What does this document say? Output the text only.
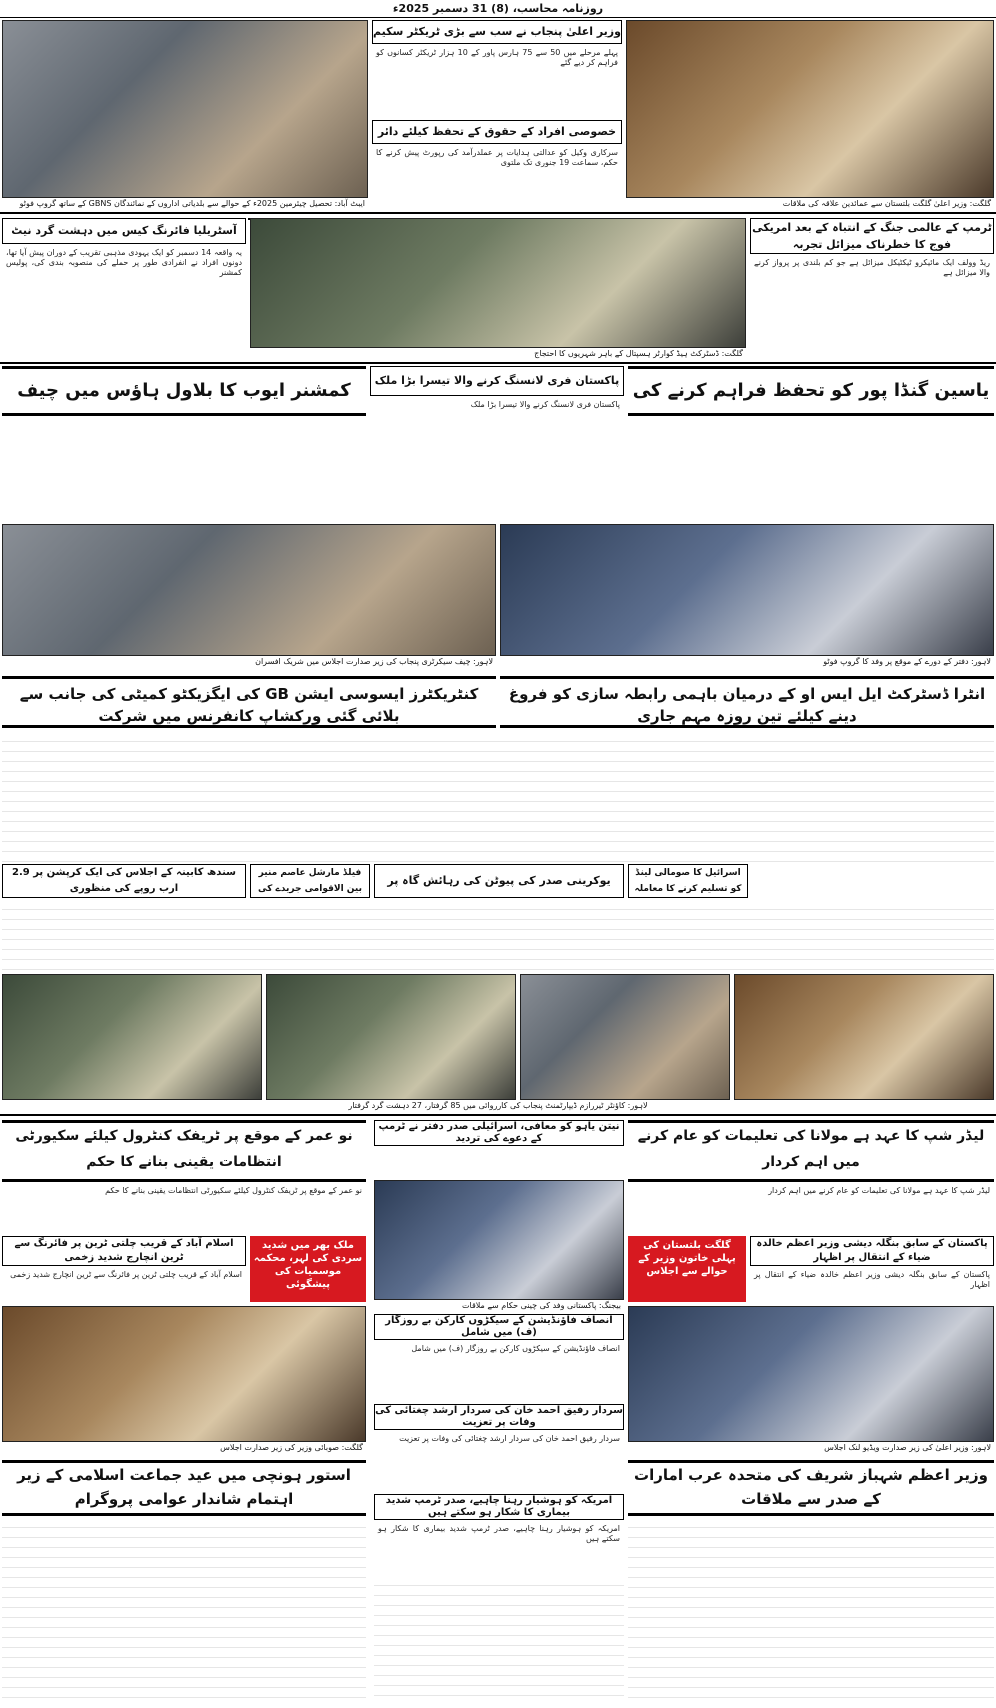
روزنامہ محاسب، (8) 31 دسمبر 2025ء
ایبٹ آباد: تحصیل چیئرمین 2025ء کے حوالے سے بلدیاتی اداروں کے نمائندگان GBNS کے ساتھ گروپ فوٹو
وزیر اعلیٰ پنجاب نے سب سے بڑی ٹریکٹر سکیم
پہلے مرحلے میں 50 سے 75 ہارس پاور کے 10 ہزار ٹریکٹر کسانوں کو فراہم کر دیے گئے
خصوصی افراد کے حقوق کے تحفظ کیلئے دائر
سرکاری وکیل کو عدالتی ہدایات پر عملدرآمد کی رپورٹ پیش کرنے کا حکم، سماعت 19 جنوری تک ملتوی
گلگت: وزیر اعلیٰ گلگت بلتستان سے عمائدین علاقہ کی ملاقات
آسٹریلیا فائرنگ کیس میں دہشت گرد نیٹ
یہ واقعہ 14 دسمبر کو ایک یہودی مذہبی تقریب کے دوران پیش آیا تھا، دونوں افراد نے انفرادی طور پر حملے کی منصوبہ بندی کی، پولیس کمشنر
گلگت: ڈسٹرکٹ ہیڈ کوارٹر ہسپتال کے باہر شہریوں کا احتجاج
ٹرمپ کے عالمی جنگ کے انتباہ کے بعد امریکی فوج کا خطرناک میزائل تجربہ
ریڈ وولف ایک مائیکرو ٹیکٹیکل میزائل ہے جو کم بلندی پر پرواز کرنے والا میزائل ہے
کمشنر ایوب کا بلاول ہاؤس میں چیف	پاکستان فری لانسنگ کرنے والا تیسرا بڑا ملک
پاکستان فری لانسنگ کرنے والا تیسرا بڑا ملک
یاسین گنڈا پور کو تحفظ فراہم کرنے کی
لاہور: چیف سیکرٹری پنجاب کی زیر صدارت اجلاس میں شریک افسران	لاہور: دفتر کے دورے کے موقع پر وفد کا گروپ فوٹو
کنٹریکٹرز ایسوسی ایشن GB کی ایگزیکٹو کمیٹی کی جانب سے بلائی گئی ورکشاپ کانفرنس میں شرکت
انٹرا ڈسٹرکٹ ایل ایس او کے درمیان باہمی رابطہ سازی کو فروغ دینے کیلئے تین روزہ مہم جاری
سندھ کابینہ کے اجلاس کی ایک کرپشن پر 2.9 ارب روپے کی منظوری
فیلڈ مارشل عاصم منیر بین الاقوامی جریدے کی
یوکرینی صدر کی پیوٹن کی رہائش گاہ پر
اسرائیل کا صومالی لینڈ کو تسلیم کرنے کا معاملہ
لاہور: کاؤنٹر ٹیررازم ڈیپارٹمنٹ پنجاب کی کارروائی میں 85 گرفتار، 27 دہشت گرد گرفتار
نو عمر کے موقع پر ٹریفک کنٹرول کیلئے سکیورٹی انتظامات یقینی بنانے کا حکم
نو عمر کے موقع پر ٹریفک کنٹرول کیلئے سکیورٹی انتظامات یقینی بنانے کا حکم
ملک بھر میں شدید سردی کی لہر، محکمہ موسمیات کی پیشگوئی
اسلام آباد کے قریب چلتی ٹرین پر فائرنگ سے ٹرین انچارج شدید زخمی
اسلام آباد کے قریب چلتی ٹرین پر فائرنگ سے ٹرین انچارج شدید زخمی
گلگت: صوبائی وزیر کی زیر صدارت اجلاس
نیتن یاہو کو معافی، اسرائیلی صدر دفتر نے ٹرمپ کے دعوے کی تردید
بیجنگ: پاکستانی وفد کی چینی حکام سے ملاقات
انصاف فاؤنڈیشن کے سیکڑوں کارکن بے روزگار (ف) میں شامل
انصاف فاؤنڈیشن کے سیکڑوں کارکن بے روزگار (ف) میں شامل
سردار رفیق احمد خان کی سردار ارشد چغتائی کی وفات پر تعزیت
سردار رفیق احمد خان کی سردار ارشد چغتائی کی وفات پر تعزیت
امریکہ کو ہوشیار رہنا چاہیے، صدر ٹرمپ شدید بیماری کا شکار ہو سکتے ہیں
امریکہ کو ہوشیار رہنا چاہیے، صدر ٹرمپ شدید بیماری کا شکار ہو سکتے ہیں
لیڈر شپ کا عہد ہے مولانا کی تعلیمات کو عام کرنے میں اہم کردار
لیڈر شپ کا عہد ہے مولانا کی تعلیمات کو عام کرنے میں اہم کردار
گلگت بلتستان کی پہلی خاتون وزیر کے حوالے سے اجلاس
پاکستان کے سابق بنگلہ دیشی وزیر اعظم خالدہ ضیاء کے انتقال پر اظہار
پاکستان کے سابق بنگلہ دیشی وزیر اعظم خالدہ ضیاء کے انتقال پر اظہار
لاہور: وزیر اعلیٰ کی زیر صدارت ویڈیو لنک اجلاس
استور ہونچی میں عید جماعت اسلامی کے زیر اہتمام شاندار عوامی پروگرام
وزیر اعظم شہباز شریف کی متحدہ عرب امارات کے صدر سے ملاقات
